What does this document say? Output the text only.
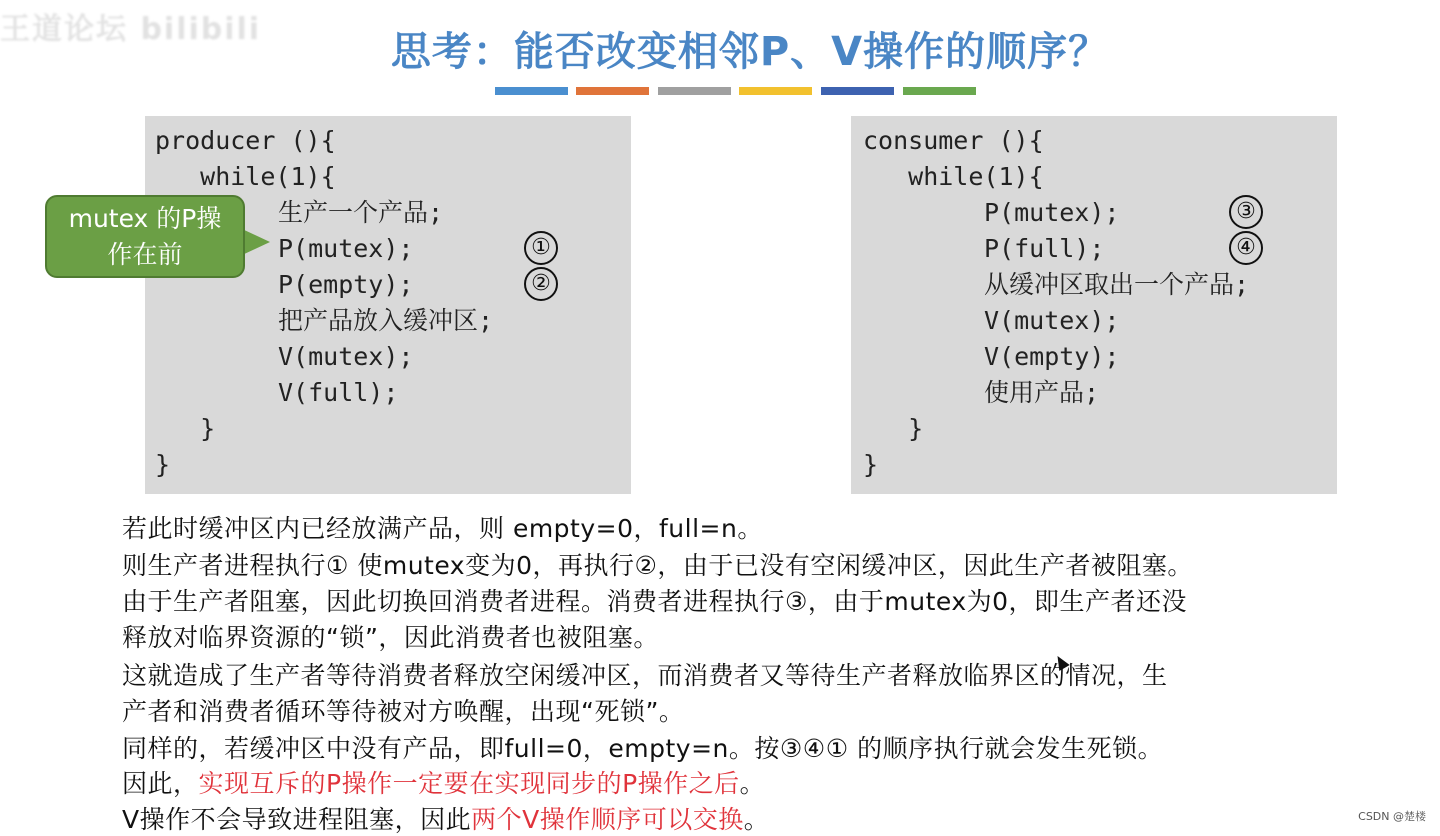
王道论坛 bilibili	思考：能否改变相邻P、V操作的顺序？
producer (){
while(1){
生产一个产品;
P(mutex);
P(empty);
把产品放入缓冲区;
V(mutex);
V(full);
}
}
①
②
consumer (){
while(1){
P(mutex);
P(full);
从缓冲区取出一个产品;
V(mutex);
V(empty);
使用产品;
}
}
③
④
mutex 的P操
作在前
若此时缓冲区内已经放满产品，则 empty=0，full=n。
则生产者进程执行① 使mutex变为0，再执行②，由于已没有空闲缓冲区，因此生产者被阻塞。
由于生产者阻塞，因此切换回消费者进程。消费者进程执行③，由于mutex为0，即生产者还没
释放对临界资源的“锁”，因此消费者也被阻塞。
这就造成了生产者等待消费者释放空闲缓冲区，而消费者又等待生产者释放临界区的情况，生
产者和消费者循环等待被对方唤醒，出现“死锁”。
同样的，若缓冲区中没有产品，即full=0，empty=n。按③④① 的顺序执行就会发生死锁。
因此，实现互斥的P操作一定要在实现同步的P操作之后。
V操作不会导致进程阻塞，因此两个V操作顺序可以交换。	CSDN @楚楼
